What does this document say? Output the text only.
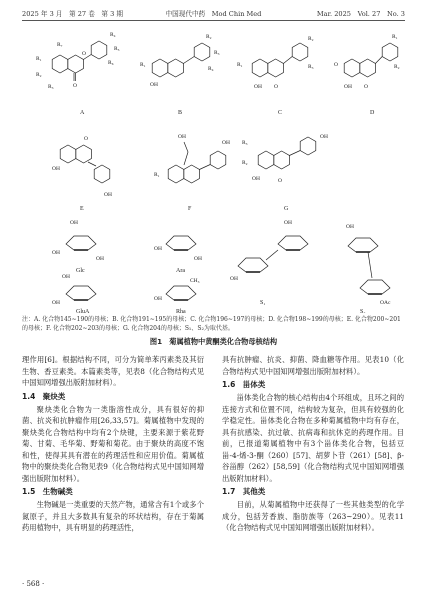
2025 年 3 月　第 27 卷　第 3 期	中国现代中药　Mod Chin Med	Mar. 2025　Vol. 27　No. 3
O
O
R₁
R₂
R₃
R₇
R₄
R₅
R₆
A
R₁
OH
R₂
R₃
R₄
B
R₁
OH O
R₂
R₃
C
O
OH O
R₁
R₂
D
OH
O
OH
E
OH
R₁
OH
F
R₃
R₂
OH	O
OH
G
OH
OH
OH
Glc
OH
OH
Ara
OH
OH
GluA
OH
CH₃
Rha
OH
OH
S₁
OH
OAc
S₂
注：A. 化合物145~190的母核；B. 化合物191~195的母核；C. 化合物196~197的母核；D. 化合物198~199的母核；E. 化合物200~201的母核；F. 化合物202~203的母核；G. 化合物204的母核；S₁、S₂为取代基。
图1　菊属植物中黄酮类化合物母核结构

理作用[6]。根据结构不同，可分为简单苯丙素类及其衍生物、香豆素类。本篇素类等，见表8（化合物结构式见中国知网增强出版附加材料）。

1.4　聚炔类

聚炔类化合物为一类脂溶性成分，具有很好的抑菌、抗炎和抗肿瘤作用[26,33,57]。菊属植物中发现的聚炔类化合物结构中均有2个炔键，主要来源于紫花野菊、甘菊、毛华菊、野菊和菊花。由于聚炔的高度不饱和性，使得其具有潜在的药理活性和应用价值。菊属植物中的聚炔类化合物见表9（化合物结构式见中国知网增强出版附加材料）。

1.5　生物碱类

生物碱是一类重要的天然产物，通常含有1个或多个氮原子，并且大多数具有复杂的环状结构，存在于菊属药用植物中，具有明显的药理活性，

具有抗肿瘤、抗炎、抑菌、降血糖等作用。见表10（化合物结构式见中国知网增强出版附加材料）。

1.6　甾体类

甾体类化合物的核心结构由4个环组成，且环之间的连接方式和位置不同，结构较为复杂，但具有较强的化学稳定性。甾体类化合物在多种菊属植物中均有存在，具有抗感染、抗过敏、抗病毒和抗休克的药理作用。目前，已报道菊属植物中有3个甾体类化合物，包括豆甾-4-烯-3-酮（260）[57]、胡萝卜苷（261）[58]、β-谷甾醇（262）[58,59]（化合物结构式见中国知网增强出版附加材料）。

1.7　其他类

目前，从菊属植物中还获得了一些其他类型的化学成分，包括芳香族、脂肪族等（263~290）。见表11（化合物结构式见中国知网增强出版附加材料）。

· 568 ·
